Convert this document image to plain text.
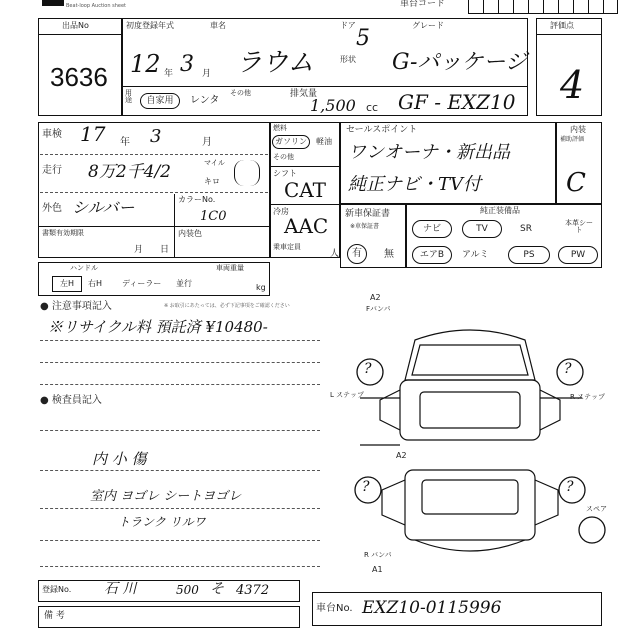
Beat-loop Auction sheet	車台コード
出品No
3636
初度登録年式	車名	ドア	グレード
形状
12 年 3 月 ラウム
5
G-パッケージ
用途	自家用	レンタ
その他	排気量
1,500 cc GF - EXZ10
評価点
4
車検 17 年 3	月
走行 8万2千4/2	マイル
キロ
外色 シルバー	カラーNo.
1C0
書類有効期限
月 日
内装色
燃料
ガソリン	軽油
その他
シフト
CAT
冷房
AAC
乗車定員
人
セールスポイント
ワンオーナ・新出品
純正ナビ・TV付
内装
補助評価
C
新車保証書
※車保証書
有	無
純正装備品
ナビ	TV	SR
本革シート
エアB	アルミ	PS	PW
ハンドル
左H	右H ディーラー 並行
車両重量
kg
● 注意事項記入	※ お取引にあたっては、必ず下記事項をご確認ください
※リサイクル料 預託済 ¥10480-
● 検査員記入
内 小 傷
室内 ヨゴレ シートヨゴレ
トランク リルワ
A2
Fバンパ
L ステップ	R ステップ
A2
スペア
R バンパ
A1
?	?
?	?
登録No. 石 川	500 そ 4372
備 考
車台No. EXZ10-0115996
